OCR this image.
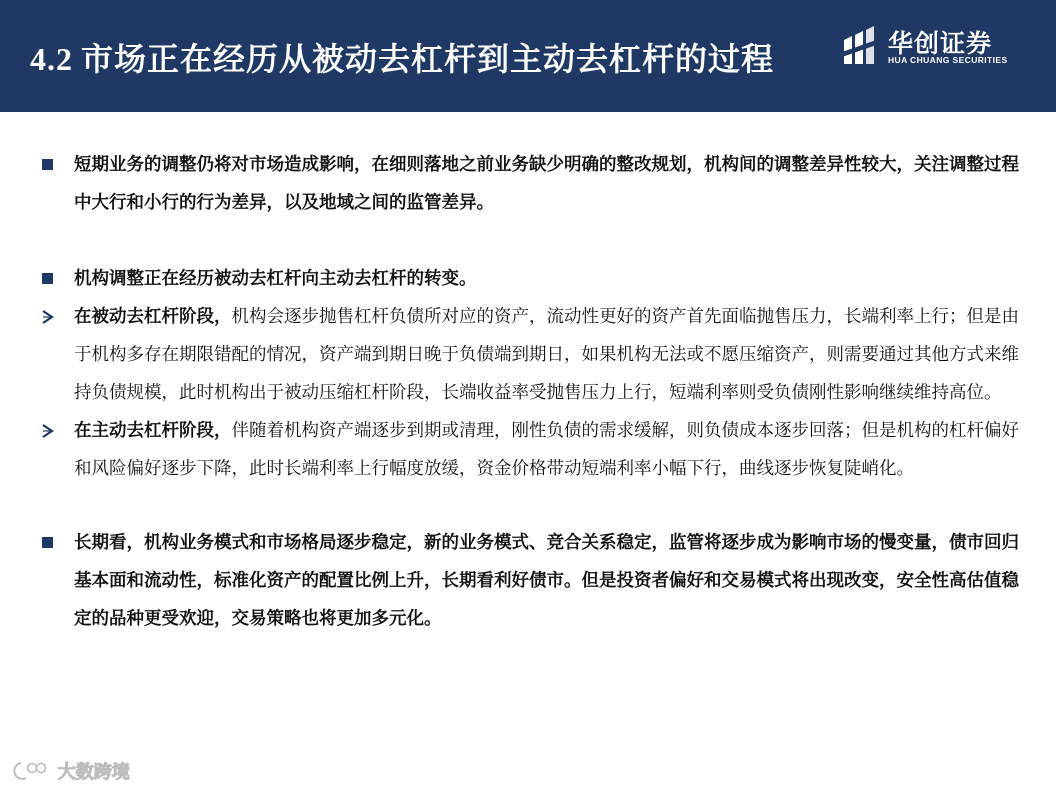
4.2 市场正在经历从被动去杠杆到主动去杠杆的过程	华创证券
HUA CHUANG SECURITIES
短期业务的调整仍将对市场造成影响，在细则落地之前业务缺少明确的整改规划，机构间的调整差异性较大，关注调整过程中大行和小行的行为差异，以及地域之间的监管差异。
机构调整正在经历被动去杠杆向主动去杠杆的转变。
在被动去杠杆阶段，机构会逐步抛售杠杆负债所对应的资产，流动性更好的资产首先面临抛售压力，长端利率上行；但是由于机构多存在期限错配的情况，资产端到期日晚于负债端到期日，如果机构无法或不愿压缩资产，则需要通过其他方式来维持负债规模，此时机构出于被动压缩杠杆阶段，长端收益率受抛售压力上行，短端利率则受负债刚性影响继续维持高位。
在主动去杠杆阶段，伴随着机构资产端逐步到期或清理，刚性负债的需求缓解，则负债成本逐步回落；但是机构的杠杆偏好和风险偏好逐步下降，此时长端利率上行幅度放缓，资金价格带动短端利率小幅下行，曲线逐步恢复陡峭化。
长期看，机构业务模式和市场格局逐步稳定，新的业务模式、竞合关系稳定，监管将逐步成为影响市场的慢变量，债市回归基本面和流动性，标准化资产的配置比例上升，长期看利好债市。但是投资者偏好和交易模式将出现改变，安全性高估值稳定的品种更受欢迎，交易策略也将更加多元化。
大数跨境
